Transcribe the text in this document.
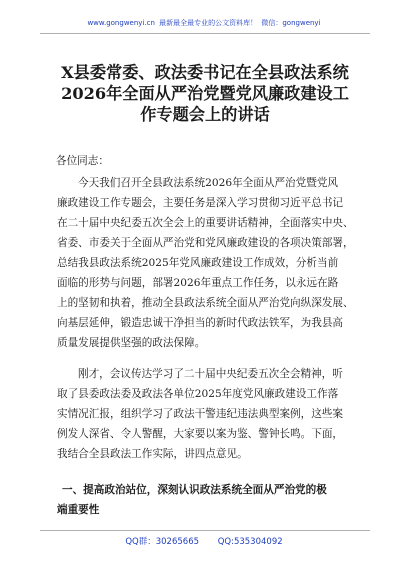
www.gongwenyi.cn 最新最全最专业的公文资料库！ 微信：gongwenyi
X县委常委、政法委书记在全县政法系统
2026年全面从严治党暨党风廉政建设工
作专题会上的讲话
各位同志：
今天我们召开全县政法系统2026年全面从严治党暨党风
廉政建设工作专题会，主要任务是深入学习贯彻习近平总书记
在二十届中央纪委五次全会上的重要讲话精神，全面落实中央、
省委、市委关于全面从严治党和党风廉政建设的各项决策部署，
总结我县政法系统2025年党风廉政建设工作成效，分析当前
面临的形势与问题，部署2026年重点工作任务，以永远在路
上的坚韧和执着，推动全县政法系统全面从严治党向纵深发展、
向基层延伸，锻造忠诚干净担当的新时代政法铁军，为我县高
质量发展提供坚强的政法保障。
刚才，会议传达学习了二十届中央纪委五次全会精神，听
取了县委政法委及政法各单位2025年度党风廉政建设工作落
实情况汇报，组织学习了政法干警违纪违法典型案例，这些案
例发人深省、令人警醒，大家要以案为鉴、警钟长鸣。下面，
我结合全县政法工作实际，讲四点意见。
一、提高政治站位，深刻认识政法系统全面从严治党的极
端重要性
QQ群：30265665 QQ:535304092
